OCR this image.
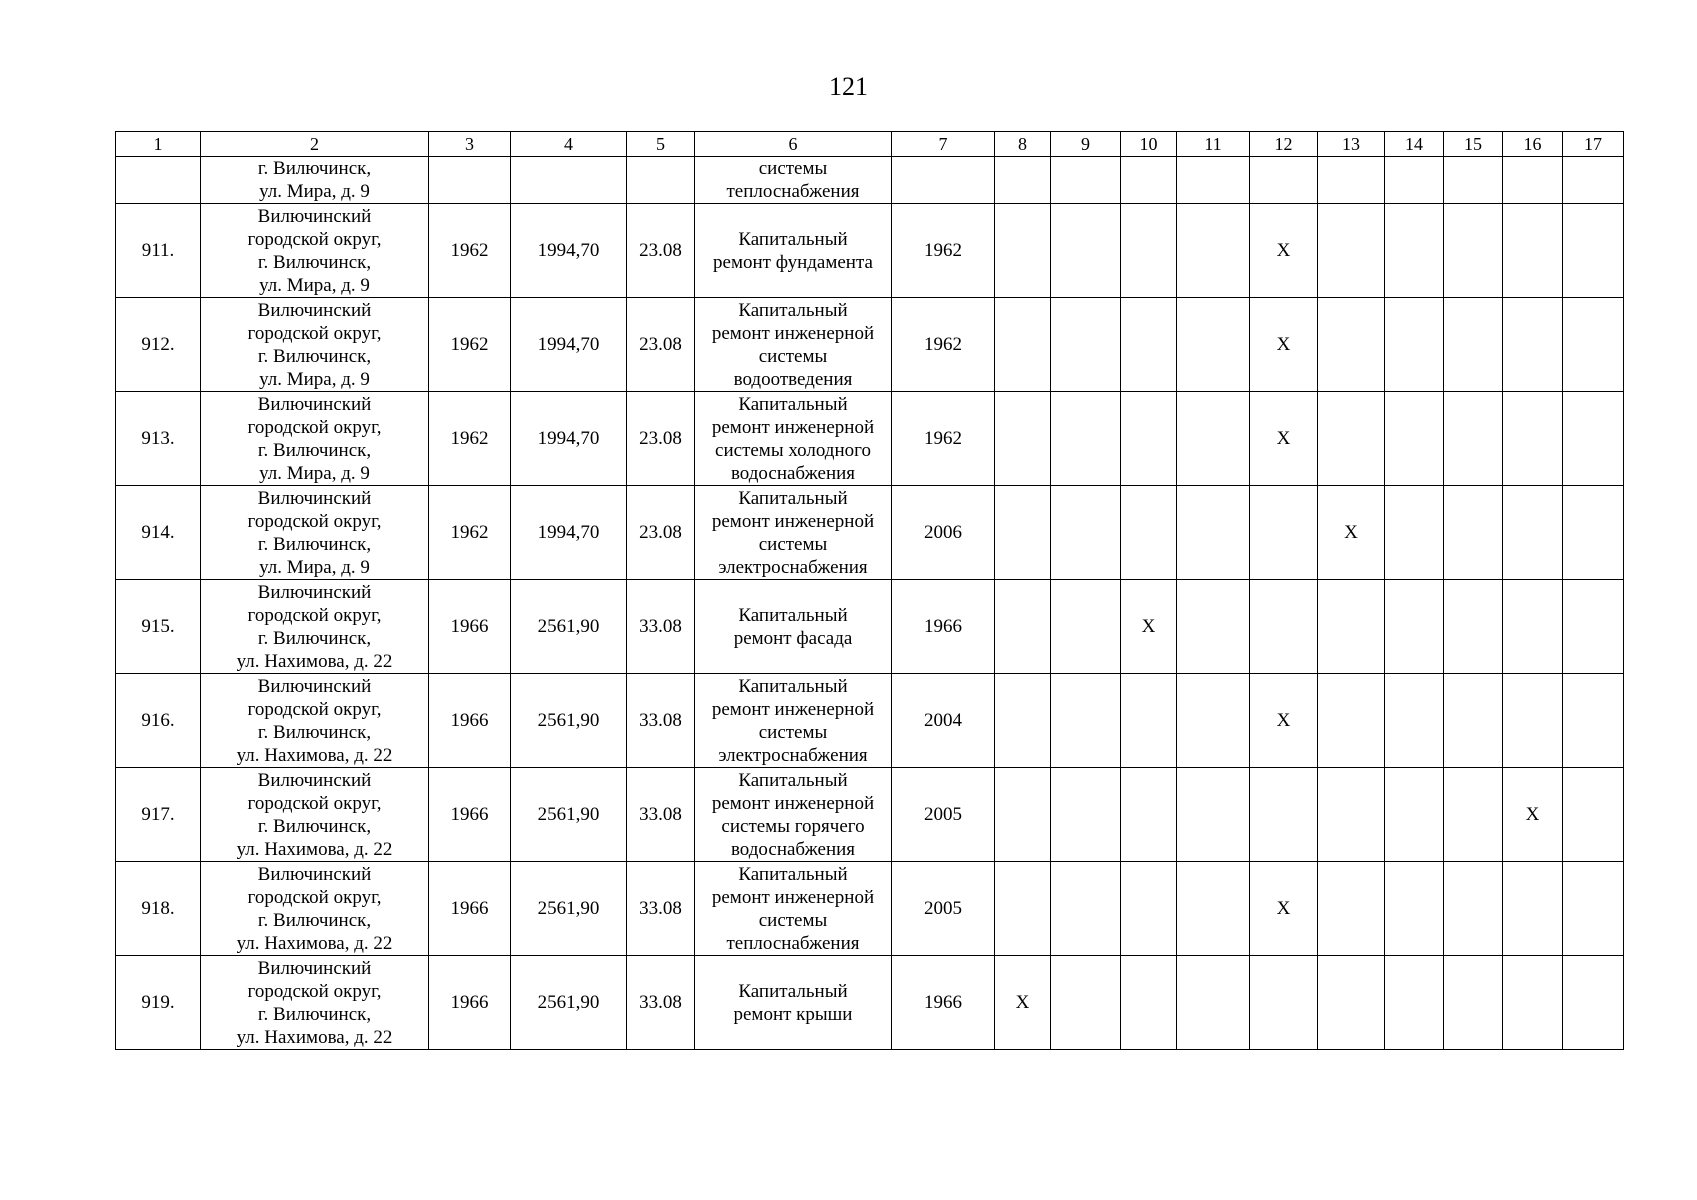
121
1	2	3	4	5	6	7	8	9	10	11	12	13	14	15	16	17
	г. Вилючинск,
ул. Мира, д. 9				системы
теплоснабжения											
911.	Вилючинский
городской округ,
г. Вилючинск,
ул. Мира, д. 9	1962	1994,70	23.08	Капитальный
ремонт фундамента	1962					X					
912.	Вилючинский
городской округ,
г. Вилючинск,
ул. Мира, д. 9	1962	1994,70	23.08	Капитальный
ремонт инженерной
системы
водоотведения	1962					X					
913.	Вилючинский
городской округ,
г. Вилючинск,
ул. Мира, д. 9	1962	1994,70	23.08	Капитальный
ремонт инженерной
системы холодного
водоснабжения	1962					X					
914.	Вилючинский
городской округ,
г. Вилючинск,
ул. Мира, д. 9	1962	1994,70	23.08	Капитальный
ремонт инженерной
системы
электроснабжения	2006						X				
915.	Вилючинский
городской округ,
г. Вилючинск,
ул. Нахимова, д. 22	1966	2561,90	33.08	Капитальный
ремонт фасада	1966			X							
916.	Вилючинский
городской округ,
г. Вилючинск,
ул. Нахимова, д. 22	1966	2561,90	33.08	Капитальный
ремонт инженерной
системы
электроснабжения	2004					X					
917.	Вилючинский
городской округ,
г. Вилючинск,
ул. Нахимова, д. 22	1966	2561,90	33.08	Капитальный
ремонт инженерной
системы горячего
водоснабжения	2005									X	
918.	Вилючинский
городской округ,
г. Вилючинск,
ул. Нахимова, д. 22	1966	2561,90	33.08	Капитальный
ремонт инженерной
системы
теплоснабжения	2005					X					
919.	Вилючинский
городской округ,
г. Вилючинск,
ул. Нахимова, д. 22	1966	2561,90	33.08	Капитальный
ремонт крыши	1966	X									
